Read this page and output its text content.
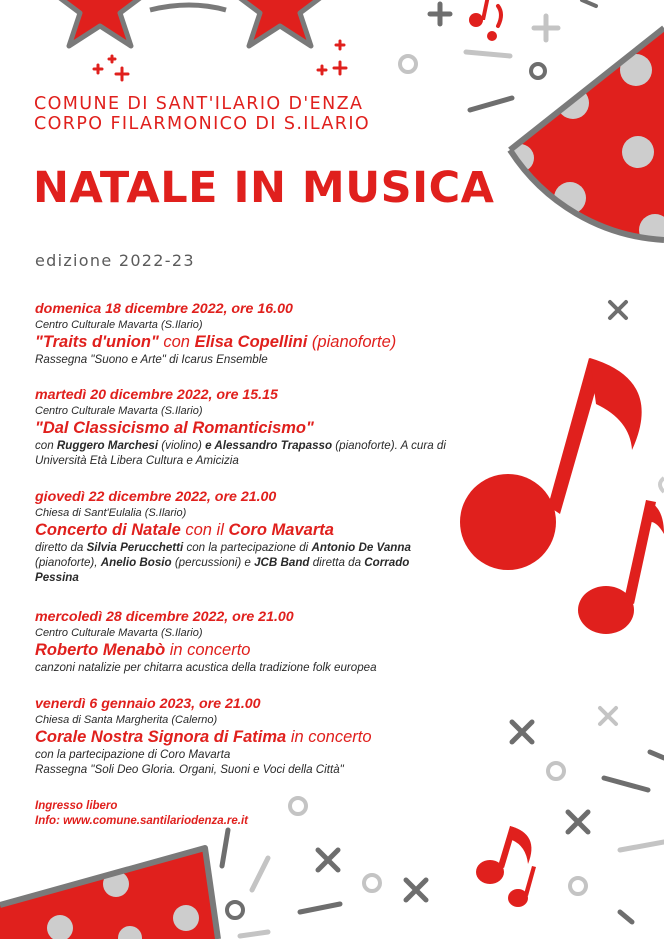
COMUNE DI SANT'ILARIO D'ENZA
CORPO FILARMONICO DI S.ILARIO
NATALE IN MUSICA
edizione 2022-23
domenica 18 dicembre 2022, ore 16.00
Centro Culturale Mavarta (S.Ilario)
"Traits d'union" con Elisa Copellini (pianoforte)
Rassegna "Suono e Arte" di Icarus Ensemble
martedì 20 dicembre 2022, ore 15.15
Centro Culturale Mavarta (S.Ilario)
"Dal Classicismo al Romanticismo"
con Ruggero Marchesi (violino) e Alessandro Trapasso (pianoforte). A cura di Università Età Libera Cultura e Amicizia
giovedì 22 dicembre 2022, ore 21.00
Chiesa di Sant'Eulalia (S.Ilario)
Concerto di Natale con il Coro Mavarta
diretto da Silvia Perucchetti con la partecipazione di Antonio De Vanna (pianoforte), Anelio Bosio (percussioni) e JCB Band diretta da Corrado Pessina
mercoledì 28 dicembre 2022, ore 21.00
Centro Culturale Mavarta (S.Ilario)
Roberto Menabò in concerto
canzoni natalizie per chitarra acustica della tradizione folk europea
venerdì 6 gennaio 2023, ore 21.00
Chiesa di Santa Margherita (Calerno)
Corale Nostra Signora di Fatima in concerto
con la partecipazione di Coro Mavarta
Rassegna "Soli Deo Gloria. Organi, Suoni e Voci della Città"
Ingresso libero
Info: www.comune.santilariodenza.re.it
